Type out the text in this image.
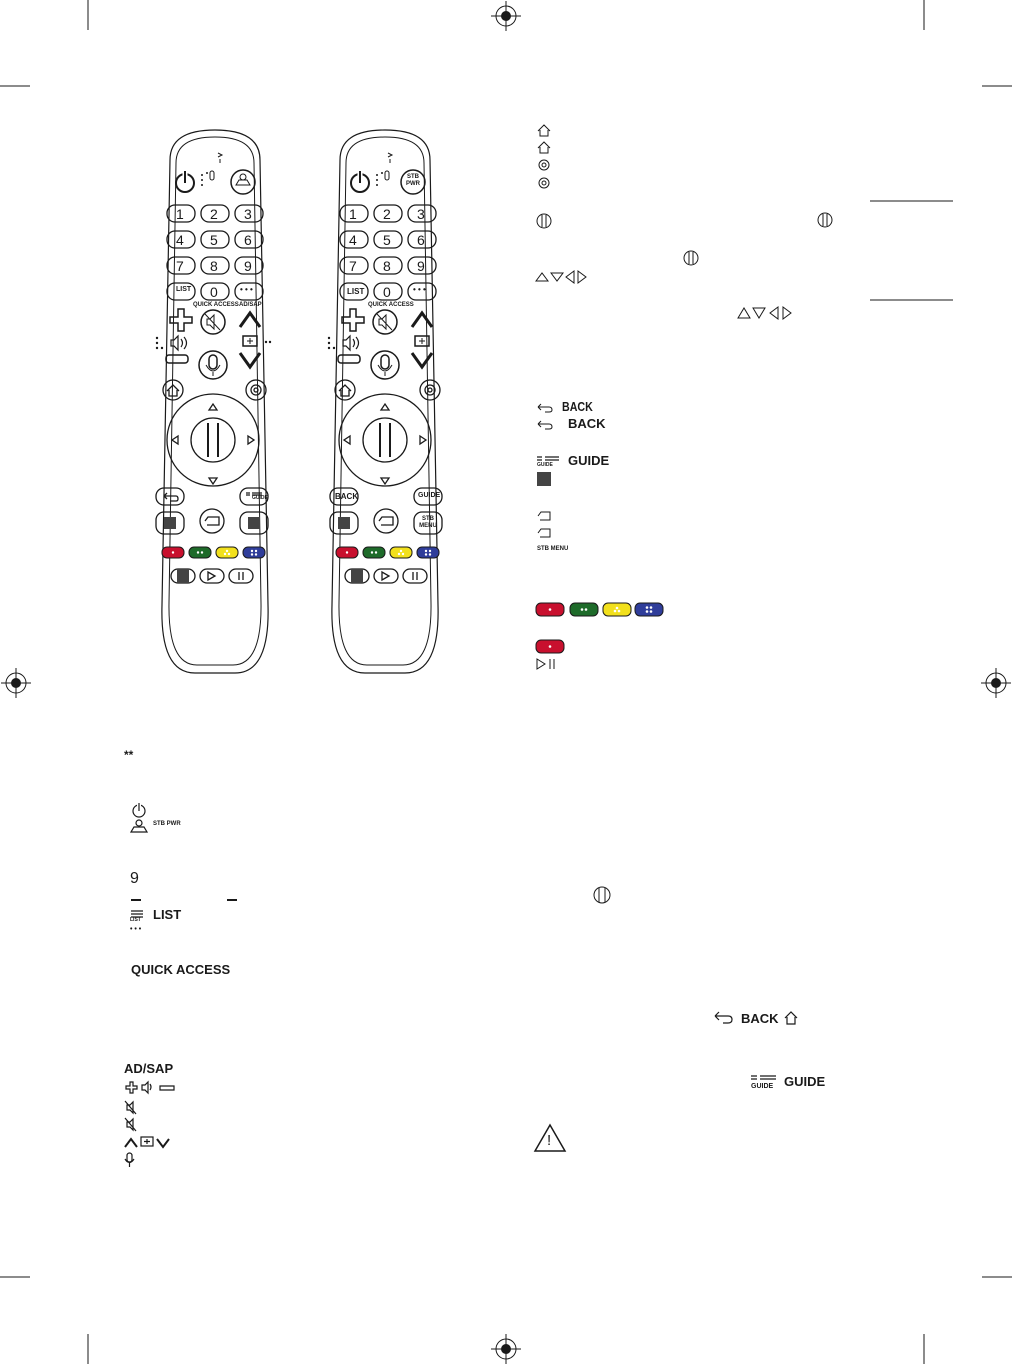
1 2 3
4 5 6
7 8 9
LIST 0	• • •
QUICK ACCESS AD/SAP
GUIDE
STB PWR
1 2 3
4 5 6
7 8 9
LIST 0	• • •
QUICK ACCESS
BACK	GUIDE
STB MENU
GUIDE
STB MENU
BACK
BACK
GUIDE
**
STB PWR
LIST
9
LIST
• • •
QUICK ACCESS
AD/SAP
BACK
GUIDE GUIDE
!
